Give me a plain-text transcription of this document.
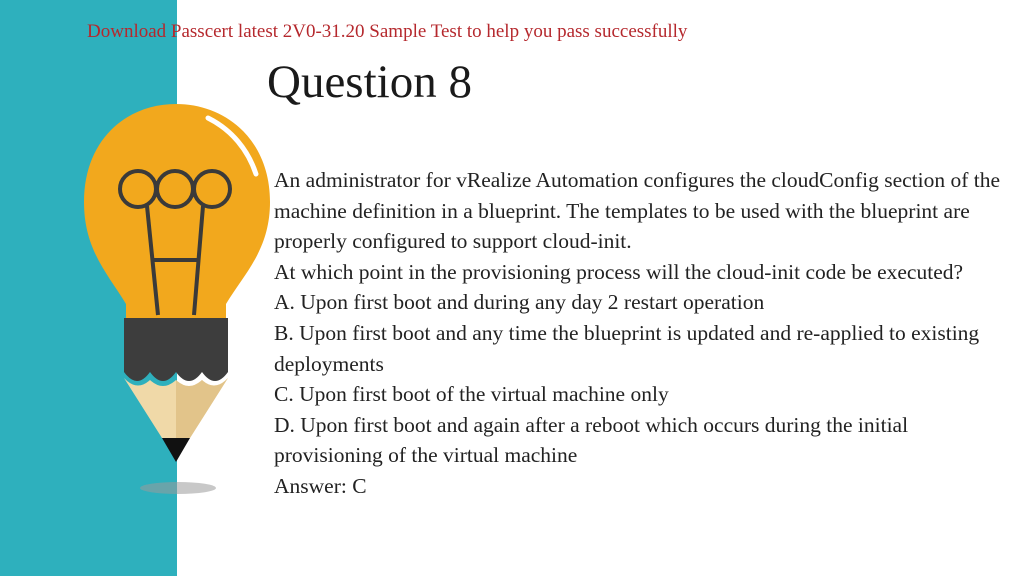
Download Passcert latest 2V0-31.20 Sample Test to help you pass successfully
Question 8

An administrator for vRealize Automation configures the cloudConfig section of the machine definition in a blueprint. The templates to be used with the blueprint are properly configured to support cloud-init.

At which point in the provisioning process will the cloud-init code be executed?

A. Upon first boot and during any day 2 restart operation

B. Upon first boot and any time the blueprint is updated and re-applied to existing deployments

C. Upon first boot of the virtual machine only

D. Upon first boot and again after a reboot which occurs during the initial provisioning of the virtual machine

Answer: C
